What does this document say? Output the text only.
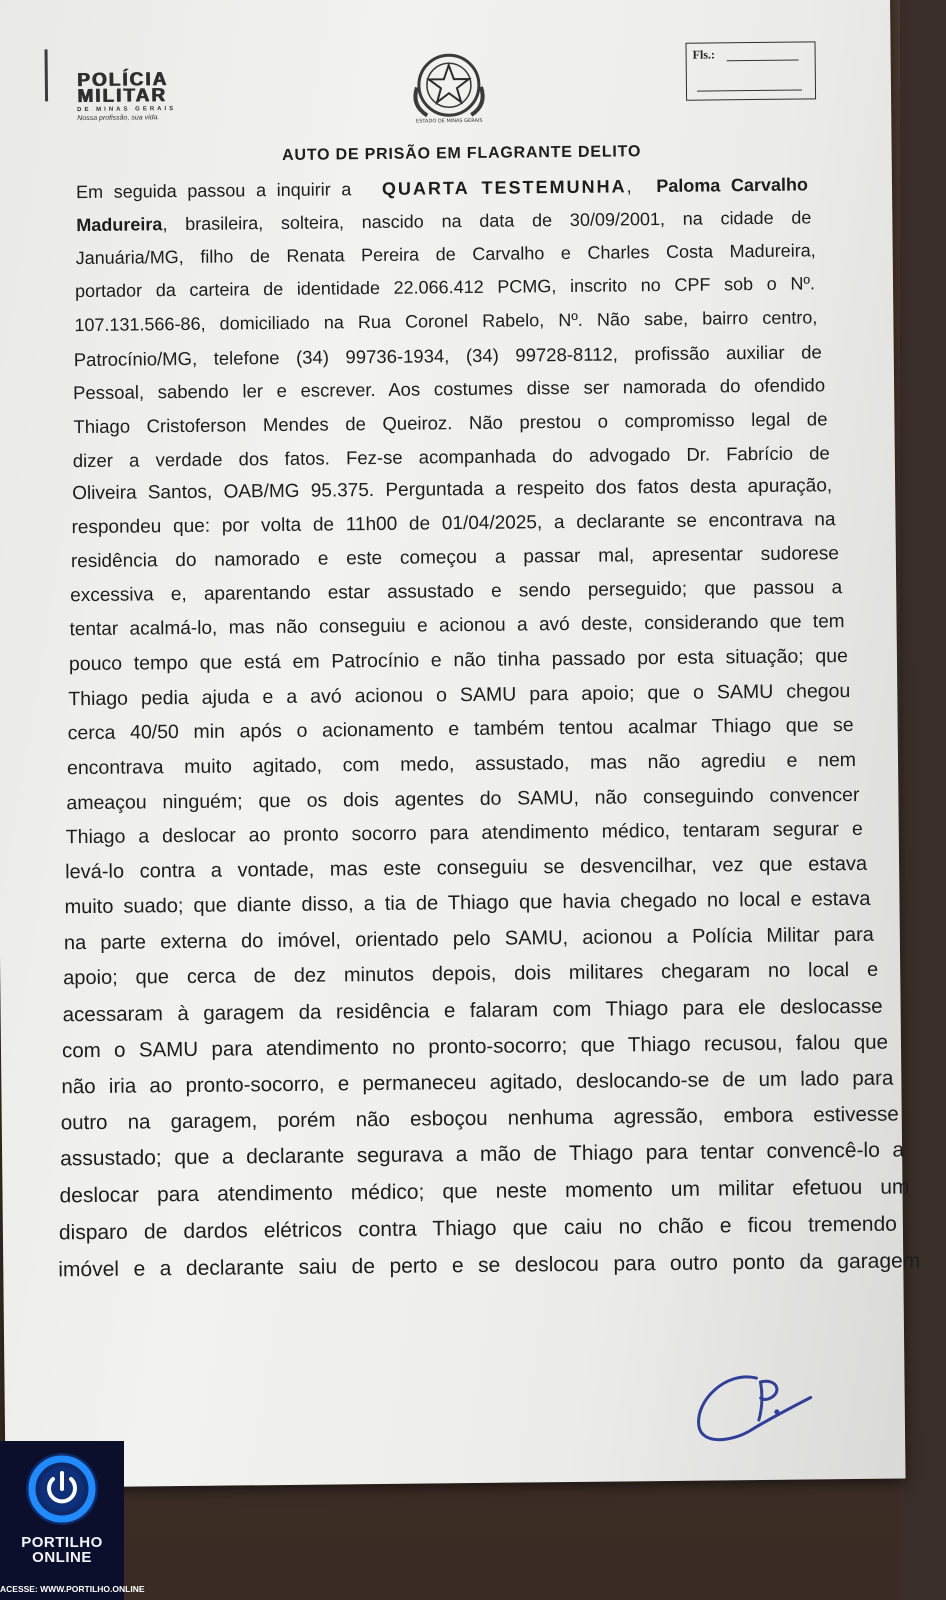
POLÍCIA
MILITAR
DE MINAS GERAIS
Nossa profissão, sua vida.	ESTADO DE MINAS GERAIS
Fls.:
AUTO DE PRISÃO EM FLAGRANTE DELITO
Em seguida passou a inquirir a QUARTA TESTEMUNHA, Paloma Carvalho
Madureira, brasileira, solteira, nascido na data de 30/09/2001, na cidade de
Januária/MG, filho de Renata Pereira de Carvalho e Charles Costa Madureira,
portador da carteira de identidade 22.066.412 PCMG, inscrito no CPF sob o Nº.
107.131.566-86, domiciliado na Rua Coronel Rabelo, Nº. Não sabe, bairro centro,
Patrocínio/MG, telefone (34) 99736-1934, (34) 99728-8112, profissão auxiliar de
Pessoal, sabendo ler e escrever. Aos costumes disse ser namorada do ofendido
Thiago Cristoferson Mendes de Queiroz. Não prestou o compromisso legal de
dizer a verdade dos fatos. Fez-se acompanhada do advogado Dr. Fabrício de
Oliveira Santos, OAB/MG 95.375. Perguntada a respeito dos fatos desta apuração,
respondeu que: por volta de 11h00 de 01/04/2025, a declarante se encontrava na
residência do namorado e este começou a passar mal, apresentar sudorese
excessiva e, aparentando estar assustado e sendo perseguido; que passou a
tentar acalmá-lo, mas não conseguiu e acionou a avó deste, considerando que tem
pouco tempo que está em Patrocínio e não tinha passado por esta situação; que
Thiago pedia ajuda e a avó acionou o SAMU para apoio; que o SAMU chegou
cerca 40/50 min após o acionamento e também tentou acalmar Thiago que se
encontrava muito agitado, com medo, assustado, mas não agrediu e nem
ameaçou ninguém; que os dois agentes do SAMU, não conseguindo convencer
Thiago a deslocar ao pronto socorro para atendimento médico, tentaram segurar e
levá-lo contra a vontade, mas este conseguiu se desvencilhar, vez que estava
muito suado; que diante disso, a tia de Thiago que havia chegado no local e estava
na parte externa do imóvel, orientado pelo SAMU, acionou a Polícia Militar para
apoio; que cerca de dez minutos depois, dois militares chegaram no local e
acessaram à garagem da residência e falaram com Thiago para ele deslocasse
com o SAMU para atendimento no pronto-socorro; que Thiago recusou, falou que
não iria ao pronto-socorro, e permaneceu agitado, deslocando-se de um lado para
outro na garagem, porém não esboçou nenhuma agressão, embora estivesse
assustado; que a declarante segurava a mão de Thiago para tentar convencê-lo a
deslocar para atendimento médico; que neste momento um militar efetuou um
disparo de dardos elétricos contra Thiago que caiu no chão e ficou tremendo
imóvel e a declarante saiu de perto e se deslocou para outro ponto da garagem
PORTILHO
ONLINE
ACESSE: WWW.PORTILHO.ONLINE
